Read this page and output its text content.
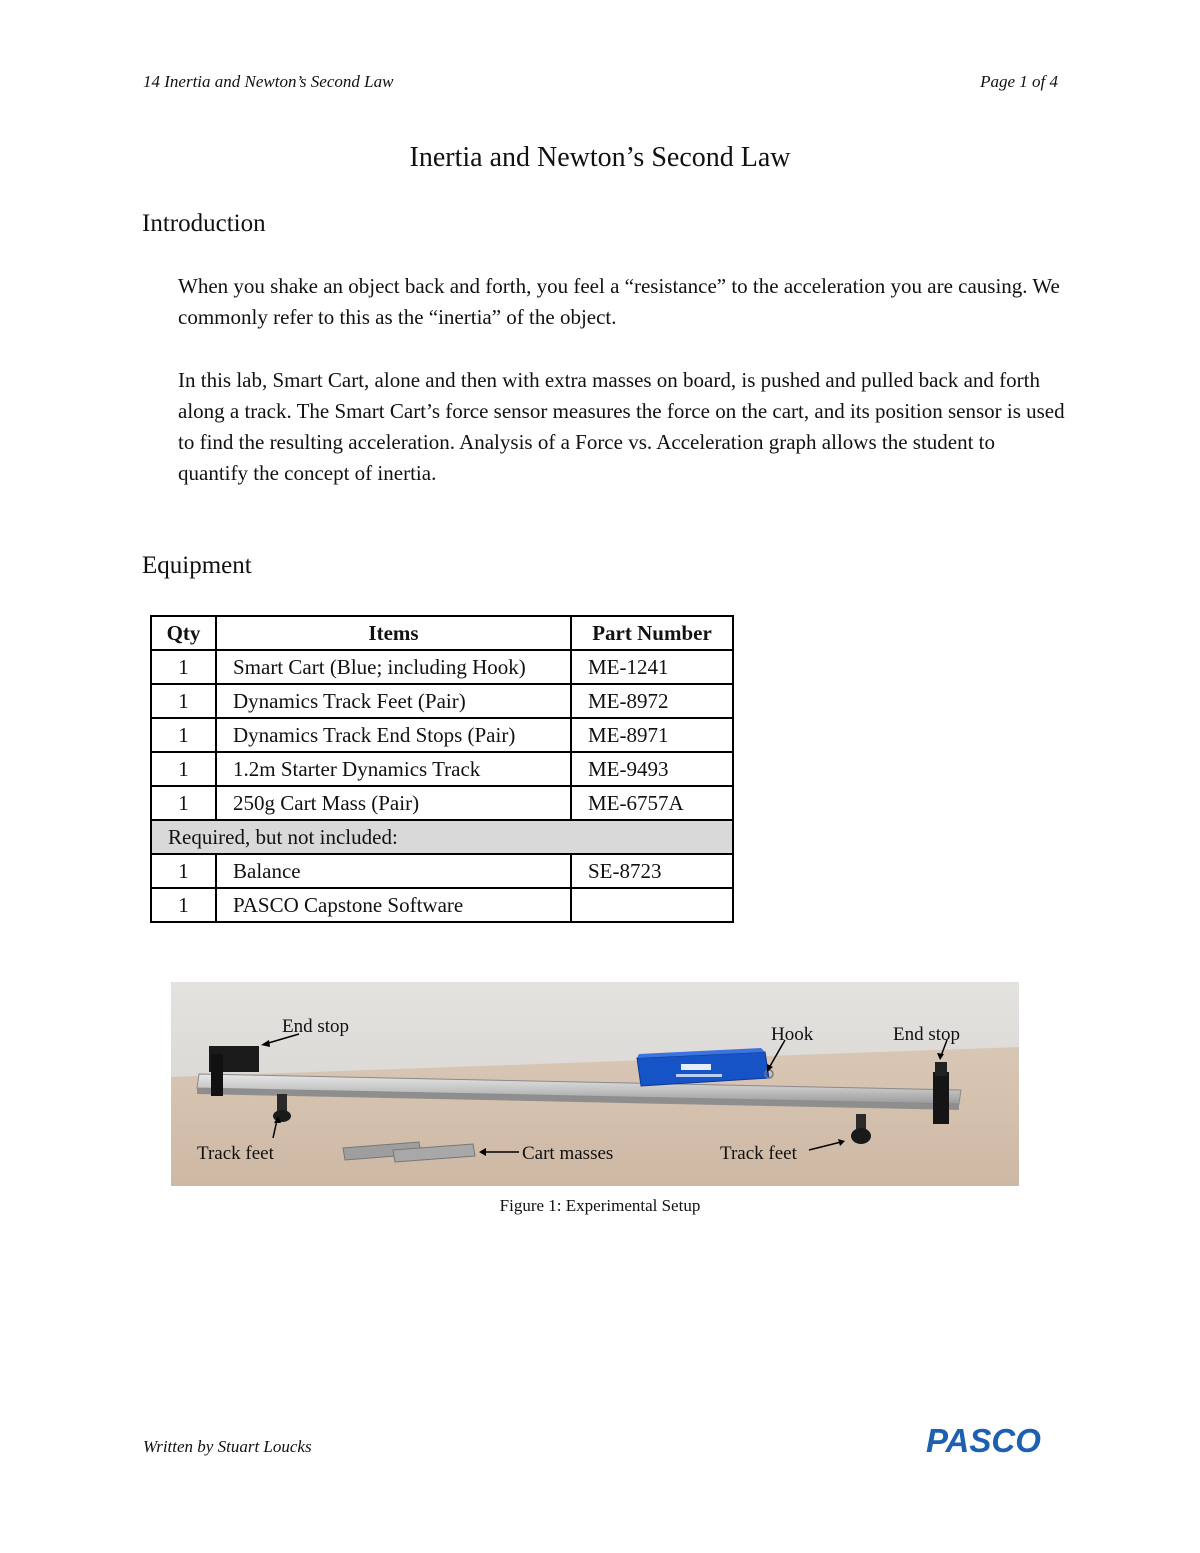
14 Inertia and Newton’s Second Law	Page 1 of 4
Inertia and Newton’s Second Law
Introduction

When you shake an object back and forth, you feel a “resistance” to the acceleration you are causing. We commonly refer to this as the “inertia” of the object.

In this lab, Smart Cart, alone and then with extra masses on board, is pushed and pulled back and forth along a track. The Smart Cart’s force sensor measures the force on the cart, and its position sensor is used to find the resulting acceleration. Analysis of a Force vs. Acceleration graph allows the student to quantify the concept of inertia.

Equipment
Qty	Items	Part Number
1	Smart Cart (Blue; including Hook)	ME-1241
1	Dynamics Track Feet (Pair)	ME-8972
1	Dynamics Track End Stops (Pair)	ME-8971
1	1.2m Starter Dynamics Track	ME-9493
1	250g Cart Mass (Pair)	ME-6757A
Required, but not included:		
1	Balance	SE-8723
1	PASCO Capstone Software	
End stop	Hook	End stop
Track feet	Cart masses	Track feet
Figure 1: Experimental Setup
Written by Stuart Loucks	PASCO
